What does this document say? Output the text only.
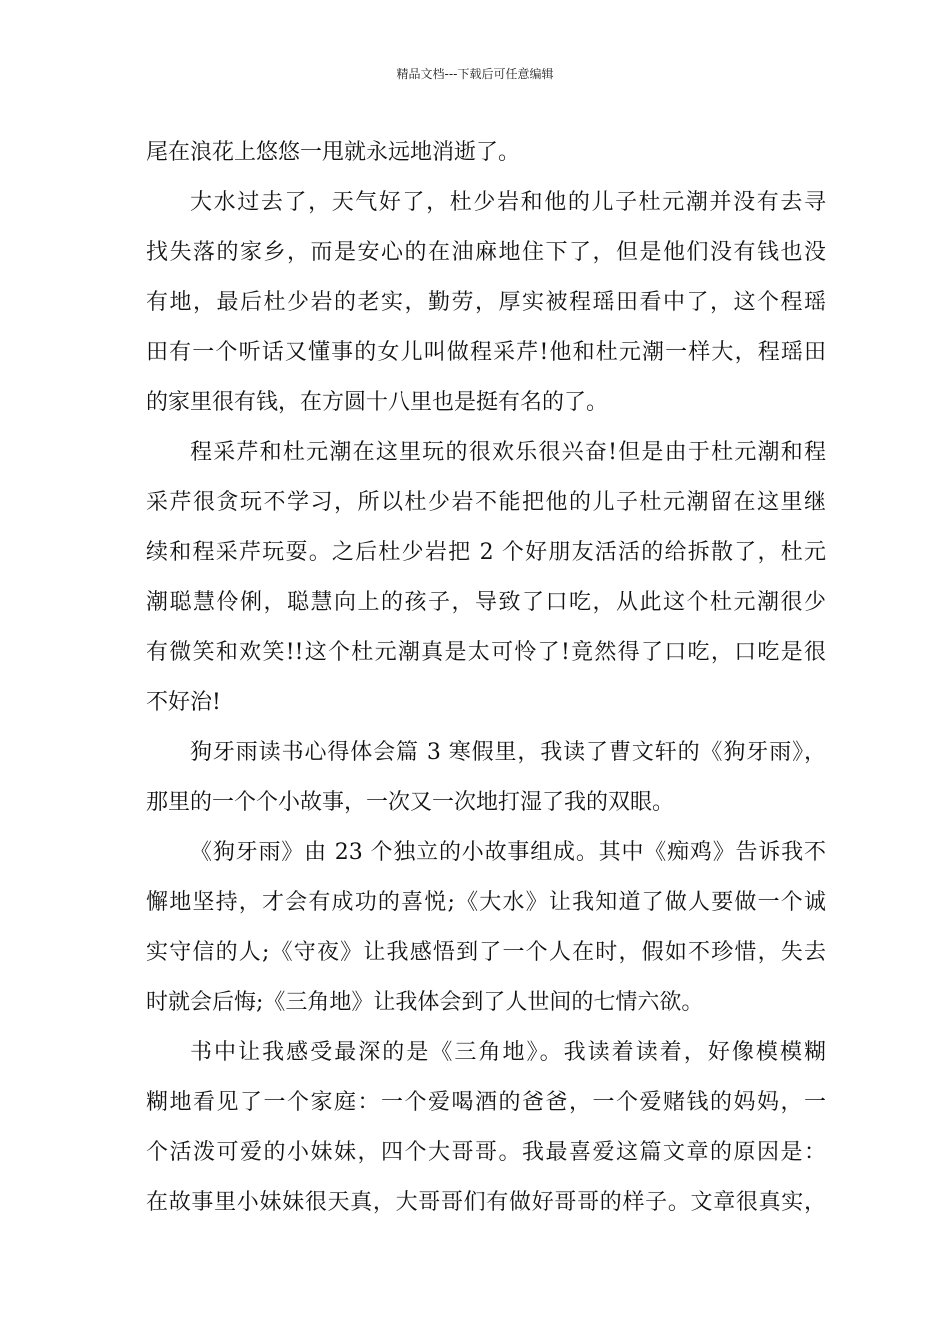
精品文档---下载后可任意编辑
尾在浪花上悠悠一甩就永远地消逝了。
大水过去了，天气好了，杜少岩和他的儿子杜元潮并没有去寻
找失落的家乡，而是安心的在油麻地住下了，但是他们没有钱也没
有地，最后杜少岩的老实，勤劳，厚实被程瑶田看中了，这个程瑶
田有一个听话又懂事的女儿叫做程采芹!他和杜元潮一样大，程瑶田
的家里很有钱，在方圆十八里也是挺有名的了。
程采芹和杜元潮在这里玩的很欢乐很兴奋!但是由于杜元潮和程
采芹很贪玩不学习，所以杜少岩不能把他的儿子杜元潮留在这里继
续和程采芹玩耍。之后杜少岩把 2 个好朋友活活的给拆散了，杜元
潮聪慧伶俐，聪慧向上的孩子，导致了口吃，从此这个杜元潮很少
有微笑和欢笑!!这个杜元潮真是太可怜了!竟然得了口吃，口吃是很
不好治!
狗牙雨读书心得体会篇 3 寒假里，我读了曹文轩的《狗牙雨》，
那里的一个个小故事，一次又一次地打湿了我的双眼。
《狗牙雨》由 23 个独立的小故事组成。其中《痴鸡》告诉我不
懈地坚持，才会有成功的喜悦;《大水》让我知道了做人要做一个诚
实守信的人;《守夜》让我感悟到了一个人在时，假如不珍惜，失去
时就会后悔;《三角地》让我体会到了人世间的七情六欲。
书中让我感受最深的是《三角地》。我读着读着，好像模模糊
糊地看见了一个家庭：一个爱喝酒的爸爸，一个爱赌钱的妈妈，一
个活泼可爱的小妹妹，四个大哥哥。我最喜爱这篇文章的原因是：
在故事里小妹妹很天真，大哥哥们有做好哥哥的样子。文章很真实，
